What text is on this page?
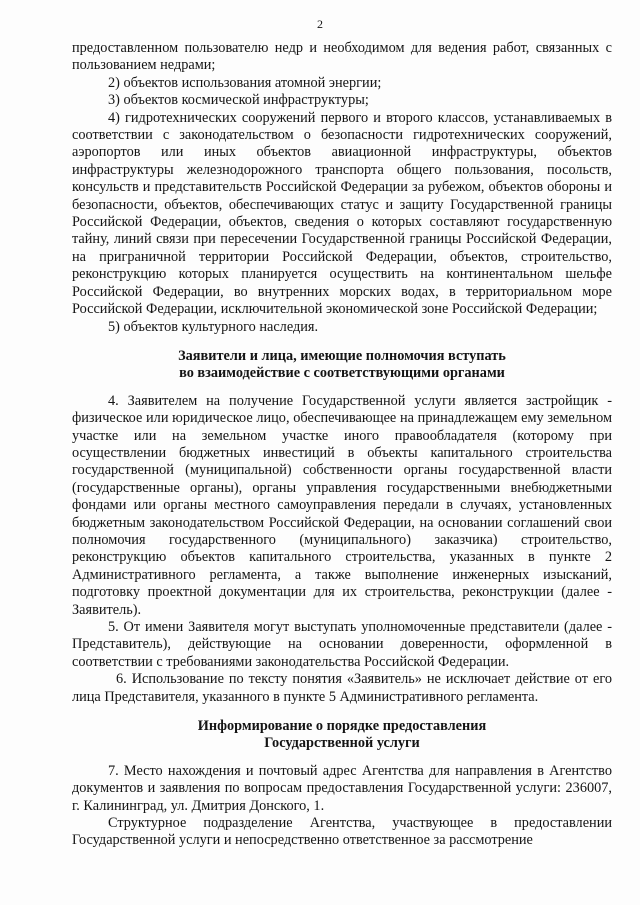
2

предоставленном пользователю недр и необходимом для ведения работ, связанных с пользованием недрами;

2) объектов использования атомной энергии;

3) объектов космической инфраструктуры;

4) гидротехнических сооружений первого и второго классов, устанавливаемых в соответствии с законодательством о безопасности гидротехнических сооружений, аэропортов или иных объектов авиационной инфраструктуры, объектов инфраструктуры железнодорожного транспорта общего пользования, посольств, консульств и представительств Российской Федерации за рубежом, объектов обороны и безопасности, объектов, обеспечивающих статус и защиту Государственной границы Российской Федерации, объектов, сведения о которых составляют государственную тайну, линий связи при пересечении Государственной границы Российской Федерации, на приграничной территории Российской Федерации, объектов, строительство, реконструкцию которых планируется осуществить на континентальном шельфе Российской Федерации, во внутренних морских водах, в территориальном море Российской Федерации, исключительной экономической зоне Российской Федерации;

5) объектов культурного наследия.

Заявители и лица, имеющие полномочия вступать
во взаимодействие с соответствующими органами

4. Заявителем на получение Государственной услуги является застройщик - физическое или юридическое лицо, обеспечивающее на принадлежащем ему земельном участке или на земельном участке иного правообладателя (которому при осуществлении бюджетных инвестиций в объекты капитального строительства государственной (муниципальной) собственности органы государственной власти (государственные органы), органы управления государственными внебюджетными фондами или органы местного самоуправления передали в случаях, установленных бюджетным законодательством Российской Федерации, на основании соглашений свои полномочия государственного (муниципального) заказчика) строительство, реконструкцию объектов капитального строительства, указанных в пункте 2 Административного регламента, а также выполнение инженерных изысканий, подготовку проектной документации для их строительства, реконструкции (далее - Заявитель).

5. От имени Заявителя могут выступать уполномоченные представители (далее - Представитель), действующие на основании доверенности, оформленной в соответствии с требованиями законодательства Российской Федерации.

6. Использование по тексту понятия «Заявитель» не исключает действие от его лица Представителя, указанного в пункте 5 Административного регламента.

Информирование о порядке предоставления
Государственной услуги

7. Место нахождения и почтовый адрес Агентства для направления в Агентство документов и заявления по вопросам предоставления Государственной услуги: 236007, г. Калининград, ул. Дмитрия Донского, 1.

Структурное подразделение Агентства, участвующее в предоставлении Государственной услуги и непосредственно ответственное за рассмотрение
